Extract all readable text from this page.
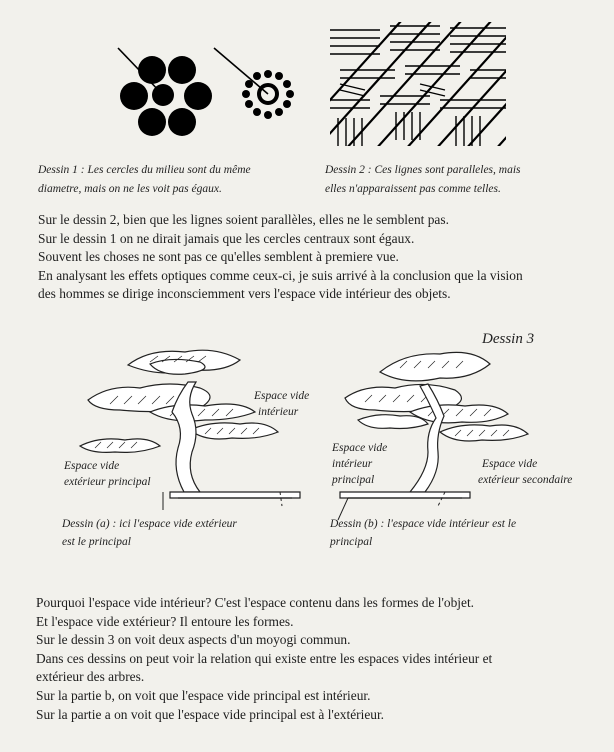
Dessin 1 : Les cercles du milieu sont du même
diametre, mais on ne les voit pas égaux.
Dessin 2 : Ces lignes sont paralleles, mais
elles n'apparaissent pas comme telles.
Sur le dessin 2, bien que les lignes soient parallèles, elles ne le semblent pas.
Sur le dessin 1 on ne dirait jamais que les cercles centraux sont égaux.
Souvent les choses ne sont pas ce qu'elles semblent à premiere vue.
En analysant les effets optiques comme ceux-ci, je suis arrivé à la conclusion que la vision
des hommes se dirige inconsciemment vers l'espace vide intérieur des objets.
Dessin 3
Espace vide
intérieur
Espace vide
extérieur principal
Dessin (a) : ici l'espace vide extérieur
est le principal
Espace vide
intérieur
principal
Espace vide
extérieur secondaire
Dessin (b) : l'espace vide intérieur est le
principal
Pourquoi l'espace vide intérieur? C'est l'espace contenu dans les formes de l'objet.
Et l'espace vide extérieur? Il entoure les formes.
Sur le dessin 3 on voit deux aspects d'un moyogi commun.
Dans ces dessins on peut voir la relation qui existe entre les espaces vides intérieur et
extérieur des arbres.
Sur la partie b, on voit que l'espace vide principal est intérieur.
Sur la partie a on voit que l'espace vide principal est à l'extérieur.
